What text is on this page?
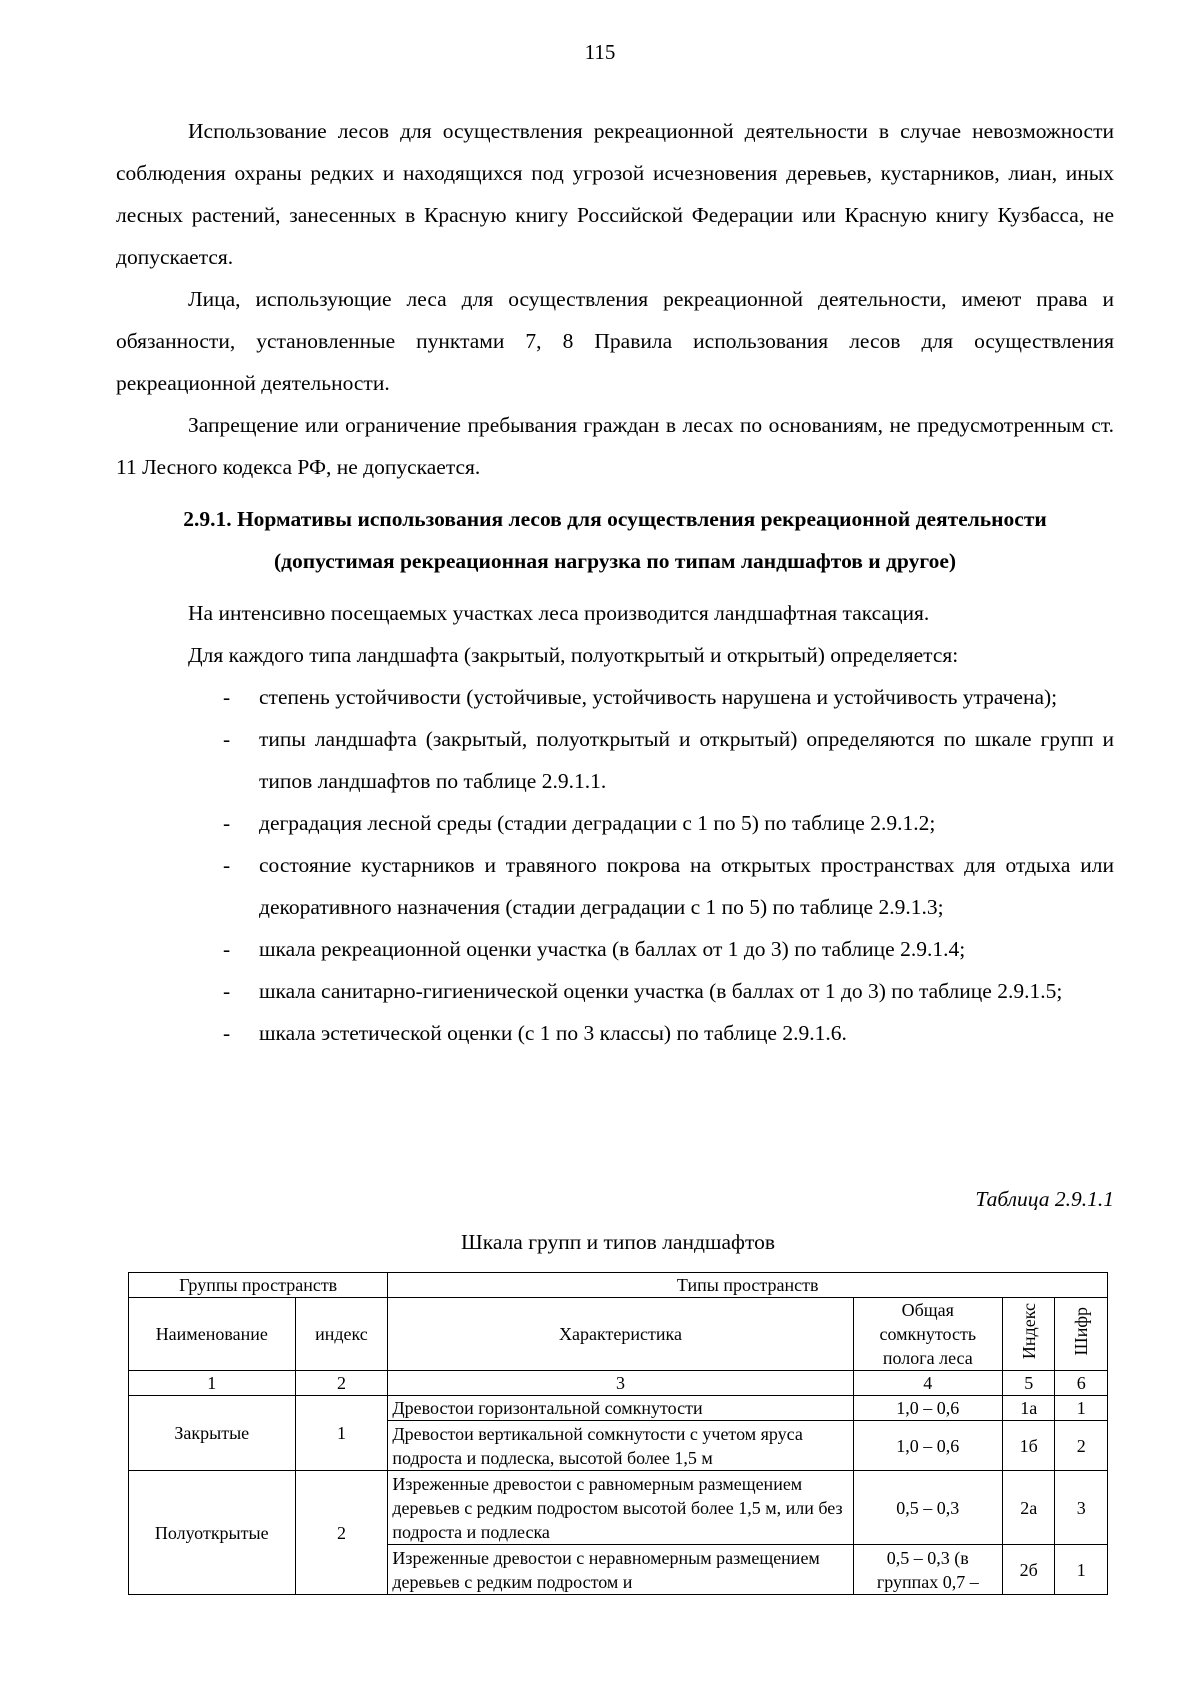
115

Использование лесов для осуществления рекреационной деятельности в случае невозможности соблюдения охраны редких и находящихся под угрозой исчезновения деревьев, кустарников, лиан, иных лесных растений, занесенных в Красную книгу Российской Федерации или Красную книгу Кузбасса, не допускается.

Лица, использующие леса для осуществления рекреационной деятельности, имеют права и обязанности, установленные пунктами 7, 8 Правила использования лесов для осуществления рекреационной деятельности.

Запрещение или ограничение пребывания граждан в лесах по основаниям, не предусмотренным ст. 11 Лесного кодекса РФ, не допускается.

2.9.1. Нормативы использования лесов для осуществления рекреационной деятельности
(допустимая рекреационная нагрузка по типам ландшафтов и другое)

На интенсивно посещаемых участках леса производится ландшафтная таксация.

Для каждого типа ландшафта (закрытый, полуоткрытый и открытый) определяется:

- степень устойчивости (устойчивые, устойчивость нарушена и устойчивость утрачена);
- типы ландшафта (закрытый, полуоткрытый и открытый) определяются по шкале групп и типов ландшафтов по таблице 2.9.1.1.
- деградация лесной среды (стадии деградации с 1 по 5) по таблице 2.9.1.2;
- состояние кустарников и травяного покрова на открытых пространствах для отдыха или декоративного назначения (стадии деградации с 1 по 5) по таблице 2.9.1.3;
- шкала рекреационной оценки участка (в баллах от 1 до 3) по таблице 2.9.1.4;
- шкала санитарно-гигиенической оценки участка (в баллах от 1 до 3) по таблице 2.9.1.5;
- шкала эстетической оценки (с 1 по 3 классы) по таблице 2.9.1.6.
Таблица 2.9.1.1
Шкала групп и типов ландшафтов
Группы пространств		Типы пространств			
Наименование	индекс	Характеристика	Общая сомкнутость полога леса	Индекс	Шифр
1	2	3	4	5	6
Закрытые	1	Древостои горизонтальной сомкнутости	1,0 – 0,6	1а	1
		Древостои вертикальной сомкнутости с учетом яруса подроста и подлеска, высотой более 1,5 м	1,0 – 0,6	1б	2
Полуоткрытые	2	Изреженные древостои с равномерным размещением деревьев с редким подростом высотой более 1,5 м, или без подроста и подлеска	0,5 – 0,3	2а	3
		Изреженные древостои с неравномерным размещением деревьев с редким подростом и	0,5 – 0,3 (в группах 0,7 –	2б	1
